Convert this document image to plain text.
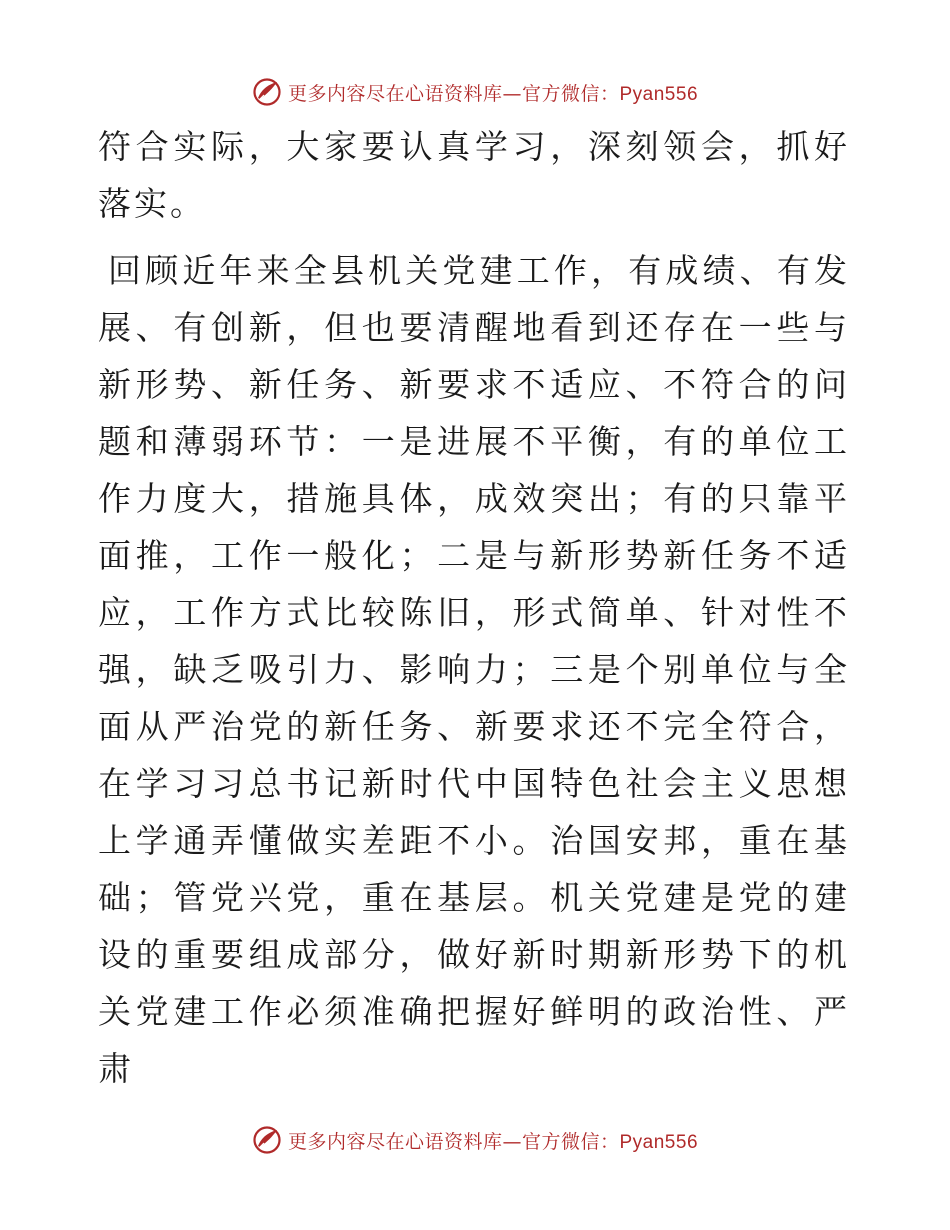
更多内容尽在心语资料库—官方微信：Pyan556

符合实际，大家要认真学习，深刻领会，抓好落实。

回顾近年来全县机关党建工作，有成绩、有发展、有创新，但也要清醒地看到还存在一些与新形势、新任务、新要求不适应、不符合的问题和薄弱环节：一是进展不平衡，有的单位工作力度大，措施具体，成效突出；有的只靠平面推，工作一般化；二是与新形势新任务不适应，工作方式比较陈旧，形式简单、针对性不强，缺乏吸引力、影响力；三是个别单位与全面从严治党的新任务、新要求还不完全符合，在学习习总书记新时代中国特色社会主义思想上学通弄懂做实差距不小。治国安邦，重在基础；管党兴党，重在基层。机关党建是党的建设的重要组成部分，做好新时期新形势下的机关党建工作必须准确把握好鲜明的政治性、严肃

更多内容尽在心语资料库—官方微信：Pyan556
